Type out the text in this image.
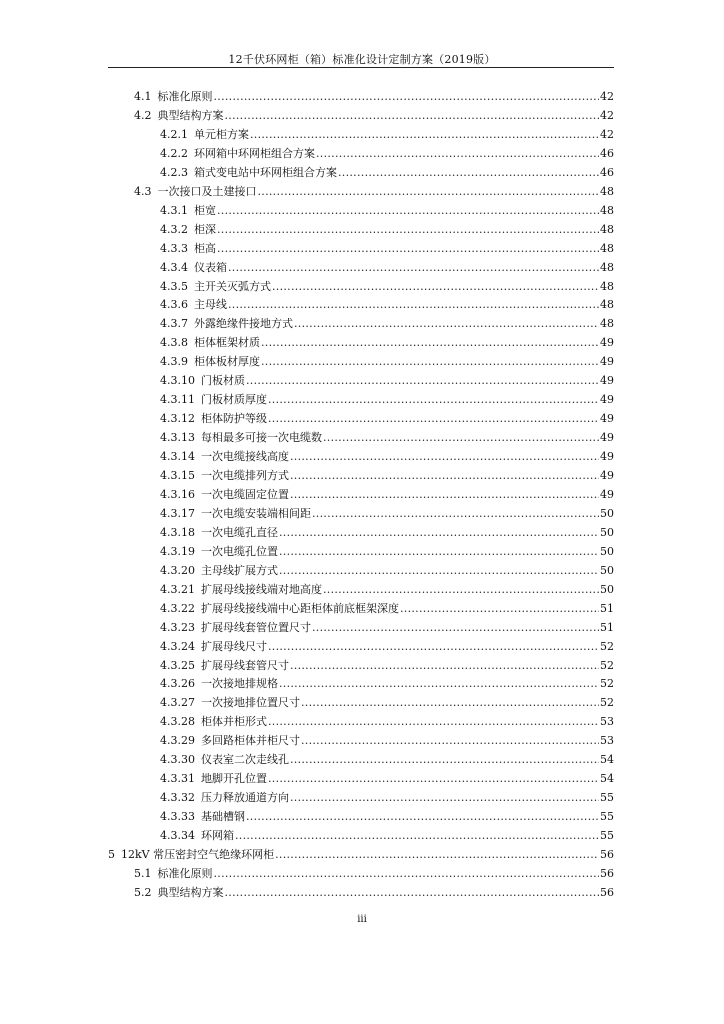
12千伏环网柜（箱）标准化设计定制方案（2019版）
4.1 标准化原则 .....	42
4.2 典型结构方案 .....	42
4.2.1 单元柜方案 .....	42
4.2.2 环网箱中环网柜组合方案 .....	46
4.2.3 箱式变电站中环网柜组合方案 .....	46
4.3 一次接口及土建接口 .....	48
4.3.1 柜宽 .....	48
4.3.2 柜深 .....	48
4.3.3 柜高 .....	48
4.3.4 仪表箱 .....	48
4.3.5 主开关灭弧方式 .....	48
4.3.6 主母线 .....	48
4.3.7 外露绝缘件接地方式 .....	48
4.3.8 柜体框架材质 .....	49
4.3.9 柜体板材厚度 .....	49
4.3.10 门板材质 .....	49
4.3.11 门板材质厚度 .....	49
4.3.12 柜体防护等级 .....	49
4.3.13 每相最多可接一次电缆数 .....	49
4.3.14 一次电缆接线高度 .....	49
4.3.15 一次电缆排列方式 .....	49
4.3.16 一次电缆固定位置 .....	49
4.3.17 一次电缆安装端相间距 .....	50
4.3.18 一次电缆孔直径 .....	50
4.3.19 一次电缆孔位置 .....	50
4.3.20 主母线扩展方式 .....	50
4.3.21 扩展母线接线端对地高度 .....	50
4.3.22 扩展母线接线端中心距柜体前底框架深度 .....	51
4.3.23 扩展母线套管位置尺寸 .....	51
4.3.24 扩展母线尺寸 .....	52
4.3.25 扩展母线套管尺寸 .....	52
4.3.26 一次接地排规格 .....	52
4.3.27 一次接地排位置尺寸 .....	52
4.3.28 柜体并柜形式 .....	53
4.3.29 多回路柜体并柜尺寸 .....	53
4.3.30 仪表室二次走线孔 .....	54
4.3.31 地脚开孔位置 .....	54
4.3.32 压力释放通道方向 .....	55
4.3.33 基础槽钢 .....	55
4.3.34 环网箱 .....	55
5 12kV 常压密封空气绝缘环网柜 .....	56
5.1 标准化原则 .....	56
5.2 典型结构方案 .....	56
iii
